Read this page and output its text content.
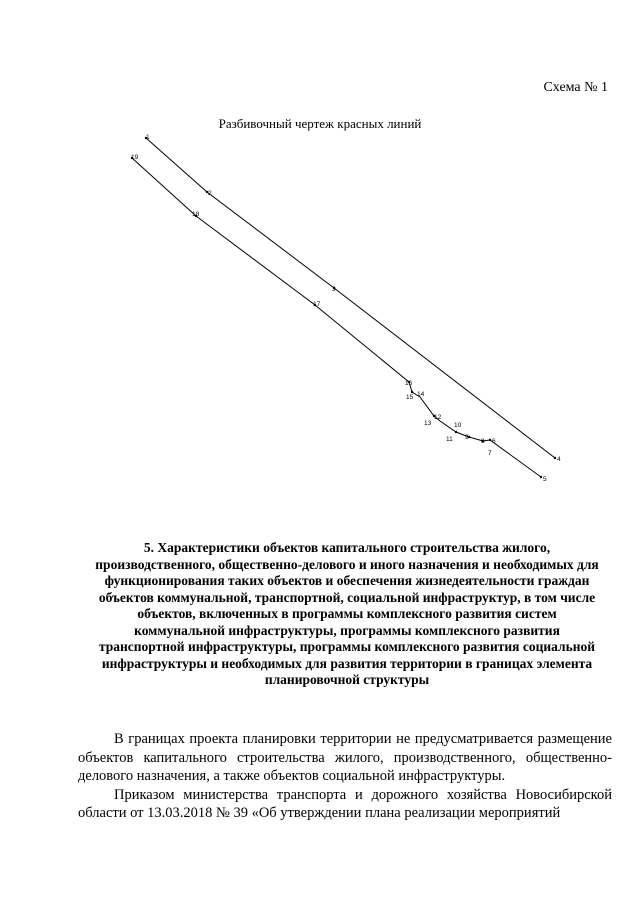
Схема № 1
Разбивочный чертеж красных линий
1
2
3
4
5
19
18
17
16
15 14
13
12
11
10
9
8
7
6
5. Характеристики объектов капитального строительства жилого, производственного, общественно-делового и иного назначения и необходимых для функционирования таких объектов и обеспечения жизнедеятельности граждан объектов коммунальной, транспортной, социальной инфраструктур, в том числе объектов, включенных в программы комплексного развития систем коммунальной инфраструктуры, программы комплексного развития транспортной инфраструктуры, программы комплексного развития социальной инфраструктуры и необходимых для развития территории в границах элемента планировочной структуры

В границах проекта планировки территории не предусматривается размещение объектов капитального строительства жилого, производственного, общественно-делового назначения, а также объектов социальной инфраструктуры.

Приказом министерства транспорта и дорожного хозяйства Новосибирской области от 13.03.2018 № 39 «Об утверждении плана реализации мероприятий
